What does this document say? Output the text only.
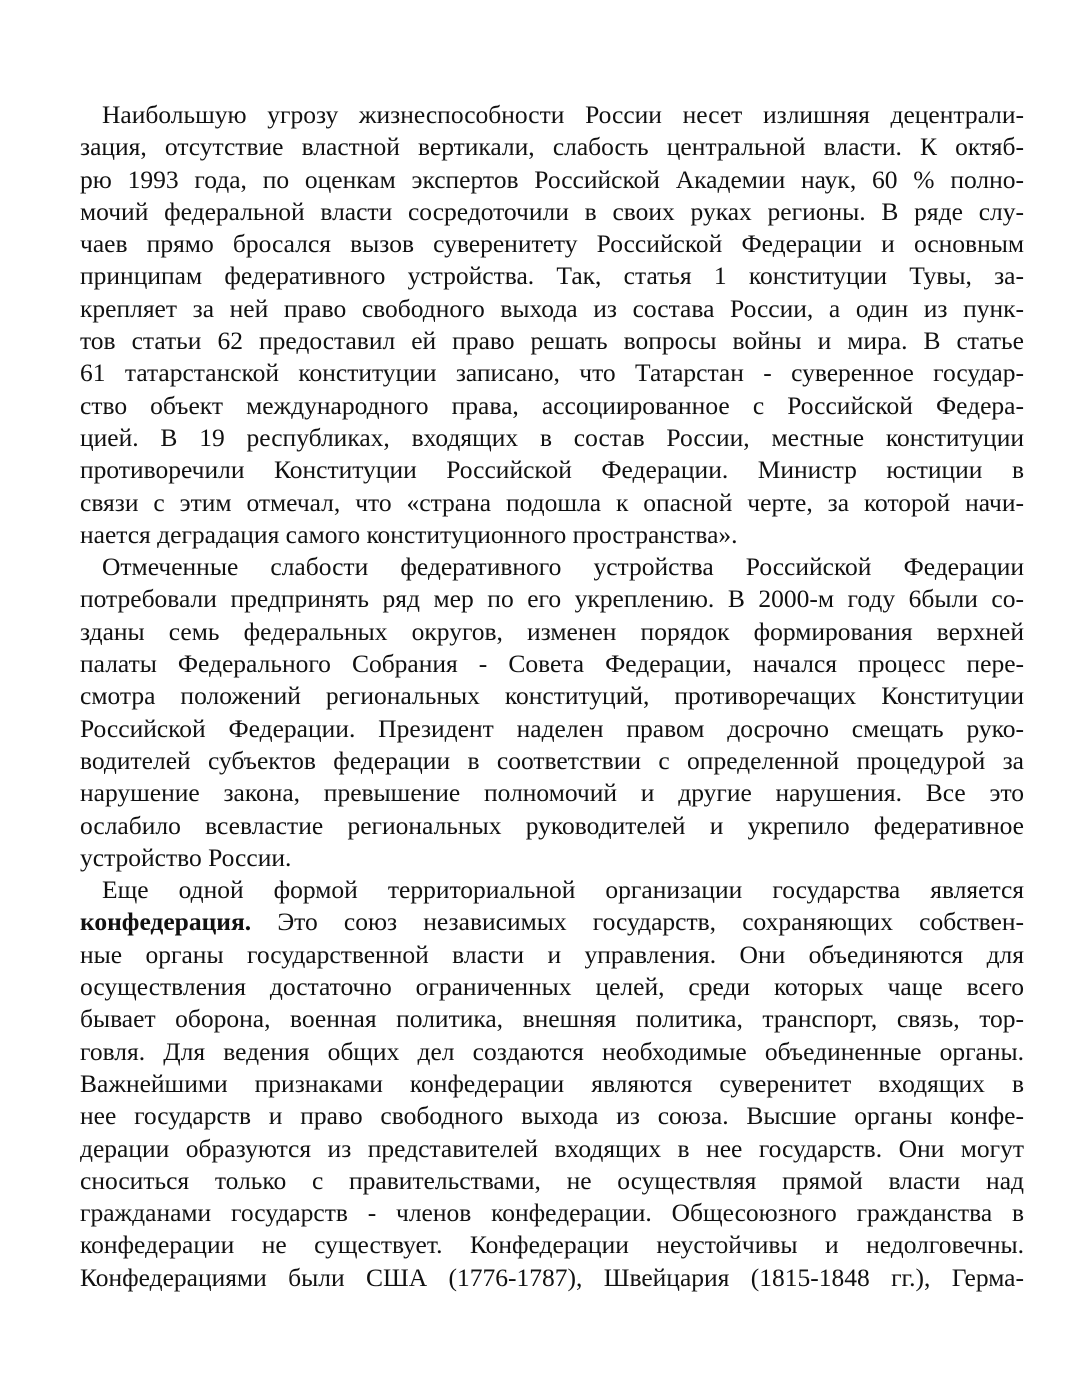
Наибольшую угрозу жизнеспособности России несет излишняя децентрали-
зация, отсутствие властной вертикали, слабость центральной власти. К октяб-
рю 1993 года, по оценкам экспертов Российской Академии наук, 60 % полно-
мочий федеральной власти сосредоточили в своих руках регионы. В ряде слу-
чаев прямо бросался вызов суверенитету Российской Федерации и основным
принципам федеративного устройства. Так, статья 1 конституции Тувы, за-
крепляет за ней право свободного выхода из состава России, а один из пунк-
тов статьи 62 предоставил ей право решать вопросы войны и мира. В статье
61 татарстанской конституции записано, что Татарстан - суверенное государ-
ство объект международного права, ассоциированное с Российской Федера-
цией. В 19 республиках, входящих в состав России, местные конституции
противоречили Конституции Российской Федерации. Министр юстиции в
связи с этим отмечал, что «страна подошла к опасной черте, за которой начи-
нается деградация самого конституционного пространства».
Отмеченные слабости федеративного устройства Российской Федерации
потребовали предпринять ряд мер по его укреплению. В 2000-м году 6были со-
зданы семь федеральных округов, изменен порядок формирования верхней
палаты Федерального Собрания - Совета Федерации, начался процесс пере-
смотра положений региональных конституций, противоречащих Конституции
Российской Федерации. Президент наделен правом досрочно смещать руко-
водителей субъектов федерации в соответствии с определенной процедурой за
нарушение закона, превышение полномочий и другие нарушения. Все это
ослабило всевластие региональных руководителей и укрепило федеративное
устройство России.
Еще одной формой территориальной организации государства является
конфедерация. Это союз независимых государств, сохраняющих собствен-
ные органы государственной власти и управления. Они объединяются для
осуществления достаточно ограниченных целей, среди которых чаще всего
бывает оборона, военная политика, внешняя политика, транспорт, связь, тор-
говля. Для ведения общих дел создаются необходимые объединенные органы.
Важнейшими признаками конфедерации являются суверенитет входящих в
нее государств и право свободного выхода из союза. Высшие органы конфе-
дерации образуются из представителей входящих в нее государств. Они могут
сноситься только с правительствами, не осуществляя прямой власти над
гражданами государств - членов конфедерации. Общесоюзного гражданства в
конфедерации не существует. Конфедерации неустойчивы и недолговечны.
Конфедерациями были США (1776-1787), Швейцария (1815-1848 гг.), Герма-
